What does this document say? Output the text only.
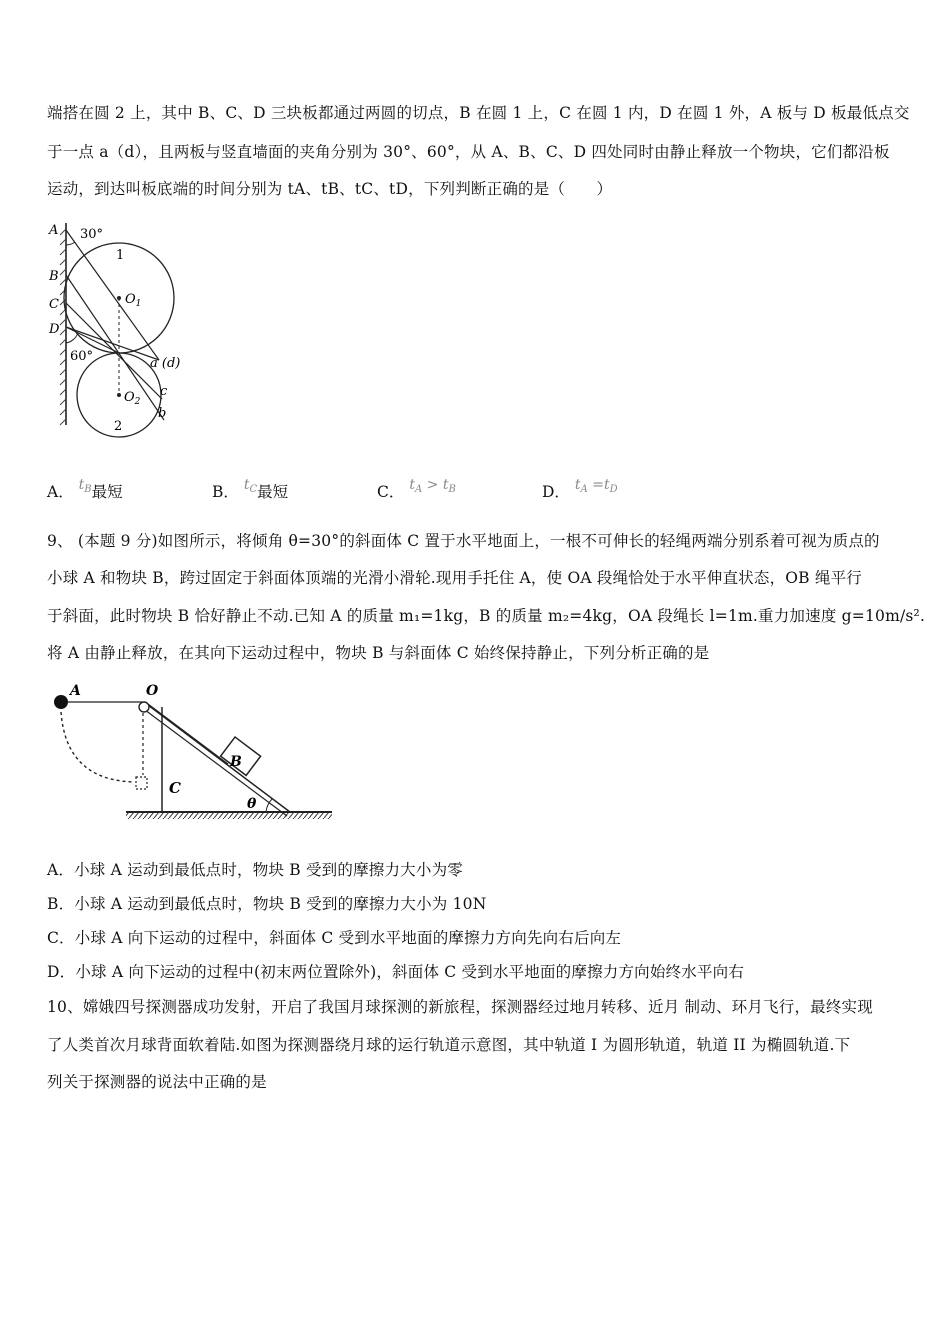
端搭在圆 2 上，其中 B、C、D 三块板都通过两圆的切点，B 在圆 1 上，C 在圆 1 内，D 在圆 1 外，A 板与 D 板最低点交
于一点 a（d），且两板与竖直墙面的夹角分别为 30°、60°，从 A、B、C、D 四处同时由静止释放一个物块，它们都沿板
运动，到达叫板底端的时间分别为 tA、tB、tC、tD，下列判断正确的是（　　）
A 30°
B
C
D
60°
1
2
$O_1$
$O_2$
a (d)
c
b
A． $t_B$最短	B． $t_C$最短	C． $t_A > t_B$	D． $t_A =t_D$
9、 (本题 9 分)如图所示，将倾角 θ=30°的斜面体 C 置于水平地面上，一根不可伸长的轻绳两端分别系着可视为质点的
小球 A 和物块 B，跨过固定于斜面体顶端的光滑小滑轮.现用手托住 A，使 OA 段绳恰处于水平伸直状态，OB 绳平行
于斜面，此时物块 B 恰好静止不动.已知 A 的质量 m₁=1kg，B 的质量 m₂=4kg，OA 段绳长 l=1m.重力加速度 g=10m/s².
将 A 由静止释放，在其向下运动过程中，物块 B 与斜面体 C 始终保持静止，下列分析正确的是
A	O
B
C
θ
A．小球 A 运动到最低点时，物块 B 受到的摩擦力大小为零
B．小球 A 运动到最低点时，物块 B 受到的摩擦力大小为 10N
C．小球 A 向下运动的过程中，斜面体 C 受到水平地面的摩擦力方向先向右后向左
D．小球 A 向下运动的过程中(初末两位置除外)，斜面体 C 受到水平地面的摩擦力方向始终水平向右
10、嫦娥四号探测器成功发射，开启了我国月球探测的新旅程，探测器经过地月转移、近月 制动、环月飞行，最终实现
了人类首次月球背面软着陆.如图为探测器绕月球的运行轨道示意图，其中轨道 I 为圆形轨道，轨道 II 为椭圆轨道.下
列关于探测器的说法中正确的是
